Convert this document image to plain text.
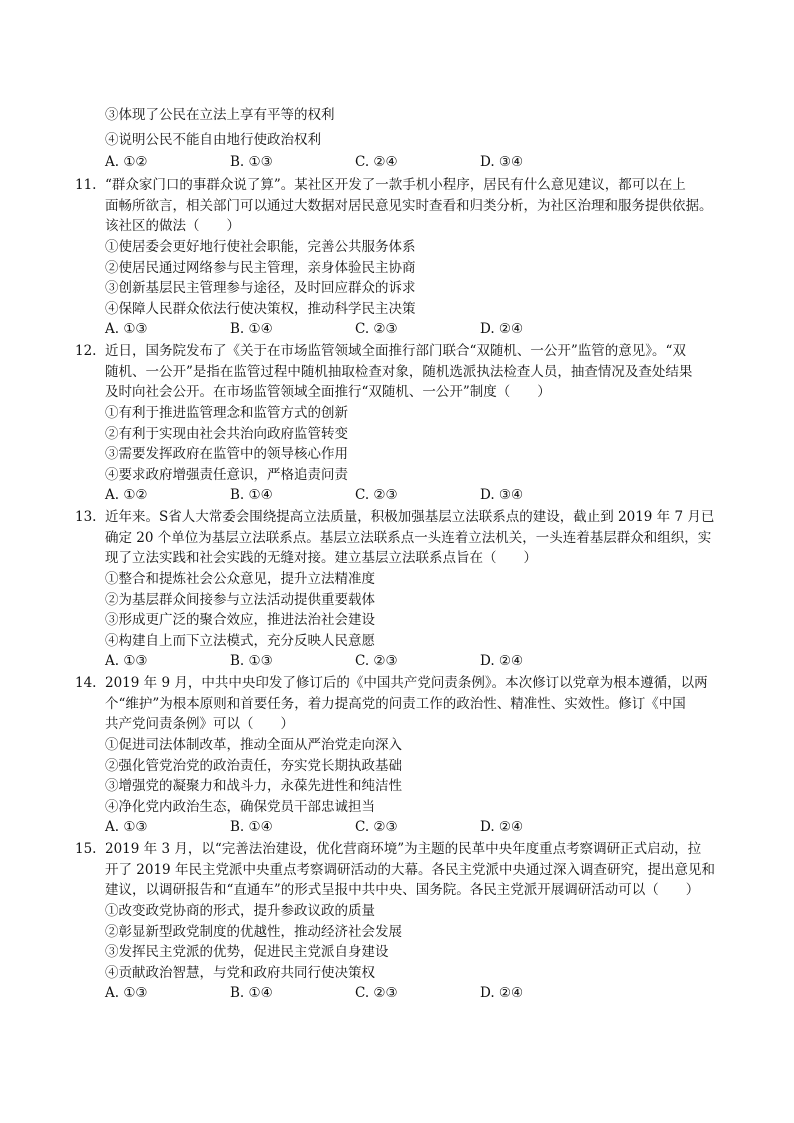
③体现了公民在立法上享有平等的权利
④说明公民不能自由地行使政治权利
A. ①②	B. ①③	C. ②④	D. ③④
11. “群众家门口的事群众说了算”。某社区开发了一款手机小程序，居民有什么意见建议，都可以在上
面畅所欲言，相关部门可以通过大数据对居民意见实时查看和归类分析，为社区治理和服务提供依据。
该社区的做法（　　）
①使居委会更好地行使社会职能，完善公共服务体系
②使居民通过网络参与民主管理，亲身体验民主协商
③创新基层民主管理参与途径，及时回应群众的诉求
④保障人民群众依法行使决策权，推动科学民主决策
A. ①③	B. ①④	C. ②③	D. ②④
12. 近日，国务院发布了《关于在市场监管领域全面推行部门联合“双随机、一公开”监管的意见》。“双
随机、一公开”是指在监管过程中随机抽取检查对象，随机选派执法检查人员，抽查情况及查处结果
及时向社会公开。在市场监管领域全面推行“双随机、一公开”制度（　　）
①有利于推进监管理念和监管方式的创新
②有利于实现由社会共治向政府监管转变
③需要发挥政府在监管中的领导核心作用
④要求政府增强责任意识，严格追责问责
A. ①②	B. ①④	C. ②③	D. ③④
13. 近年来。S省人大常委会围绕提高立法质量，积极加强基层立法联系点的建设，截止到 2019 年 7 月已
确定 20 个单位为基层立法联系点。基层立法联系点一头连着立法机关，一头连着基层群众和组织，实
现了立法实践和社会实践的无缝对接。建立基层立法联系点旨在（　　）
①整合和提炼社会公众意见，提升立法精准度
②为基层群众间接参与立法活动提供重要载体
③形成更广泛的聚合效应，推进法治社会建设
④构建自上而下立法模式，充分反映人民意愿
A. ①③	B. ①③	C. ②③	D. ②④
14. 2019 年 9 月，中共中央印发了修订后的《中国共产党问责条例》。本次修订以党章为根本遵循，以两
个“维护”为根本原则和首要任务，着力提高党的问责工作的政治性、精准性、实效性。修订《中国
共产党问责条例》可以（　　）
①促进司法体制改革，推动全面从严治党走向深入
②强化管党治党的政治责任，夯实党长期执政基础
③增强党的凝聚力和战斗力，永葆先进性和纯洁性
④净化党内政治生态，确保党员干部忠诚担当
A. ①③	B. ①④	C. ②③	D. ②④
15. 2019 年 3 月，以“完善法治建设，优化营商环境”为主题的民革中央年度重点考察调研正式启动，拉
开了 2019 年民主党派中央重点考察调研活动的大幕。各民主党派中央通过深入调查研究，提出意见和
建议，以调研报告和“直通车”的形式呈报中共中央、国务院。各民主党派开展调研活动可以（　　）
①改变政党协商的形式，提升参政议政的质量
②彰显新型政党制度的优越性，推动经济社会发展
③发挥民主党派的优势，促进民主党派自身建设
④贡献政治智慧，与党和政府共同行使决策权
A. ①③	B. ①④	C. ②③	D. ②④
